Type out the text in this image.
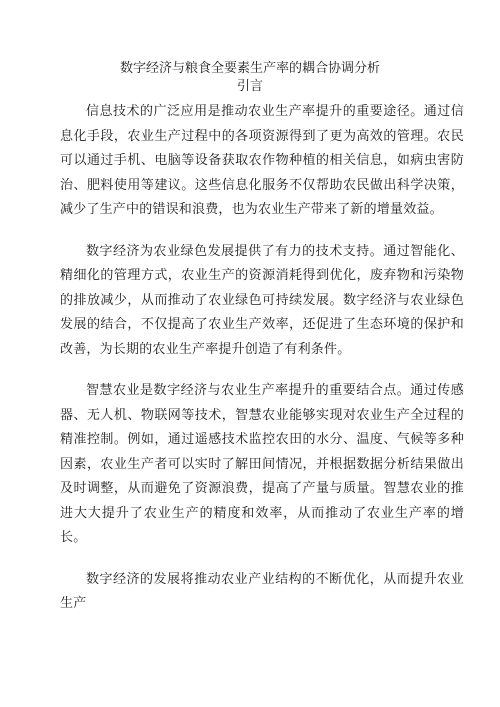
数字经济与粮食全要素生产率的耦合协调分析
引言

信息技术的广泛应用是推动农业生产率提升的重要途径。通过信息化手段，农业生产过程中的各项资源得到了更为高效的管理。农民可以通过手机、电脑等设备获取农作物种植的相关信息，如病虫害防治、肥料使用等建议。这些信息化服务不仅帮助农民做出科学决策，减少了生产中的错误和浪费，也为农业生产带来了新的增量效益。

数字经济为农业绿色发展提供了有力的技术支持。通过智能化、精细化的管理方式，农业生产的资源消耗得到优化，废弃物和污染物的排放减少，从而推动了农业绿色可持续发展。数字经济与农业绿色发展的结合，不仅提高了农业生产效率，还促进了生态环境的保护和改善，为长期的农业生产率提升创造了有利条件。

智慧农业是数字经济与农业生产率提升的重要结合点。通过传感器、无人机、物联网等技术，智慧农业能够实现对农业生产全过程的精准控制。例如，通过遥感技术监控农田的水分、温度、气候等多种因素，农业生产者可以实时了解田间情况，并根据数据分析结果做出及时调整，从而避免了资源浪费，提高了产量与质量。智慧农业的推进大大提升了农业生产的精度和效率，从而推动了农业生产率的增长。

数字经济的发展将推动农业产业结构的不断优化，从而提升农业生产
